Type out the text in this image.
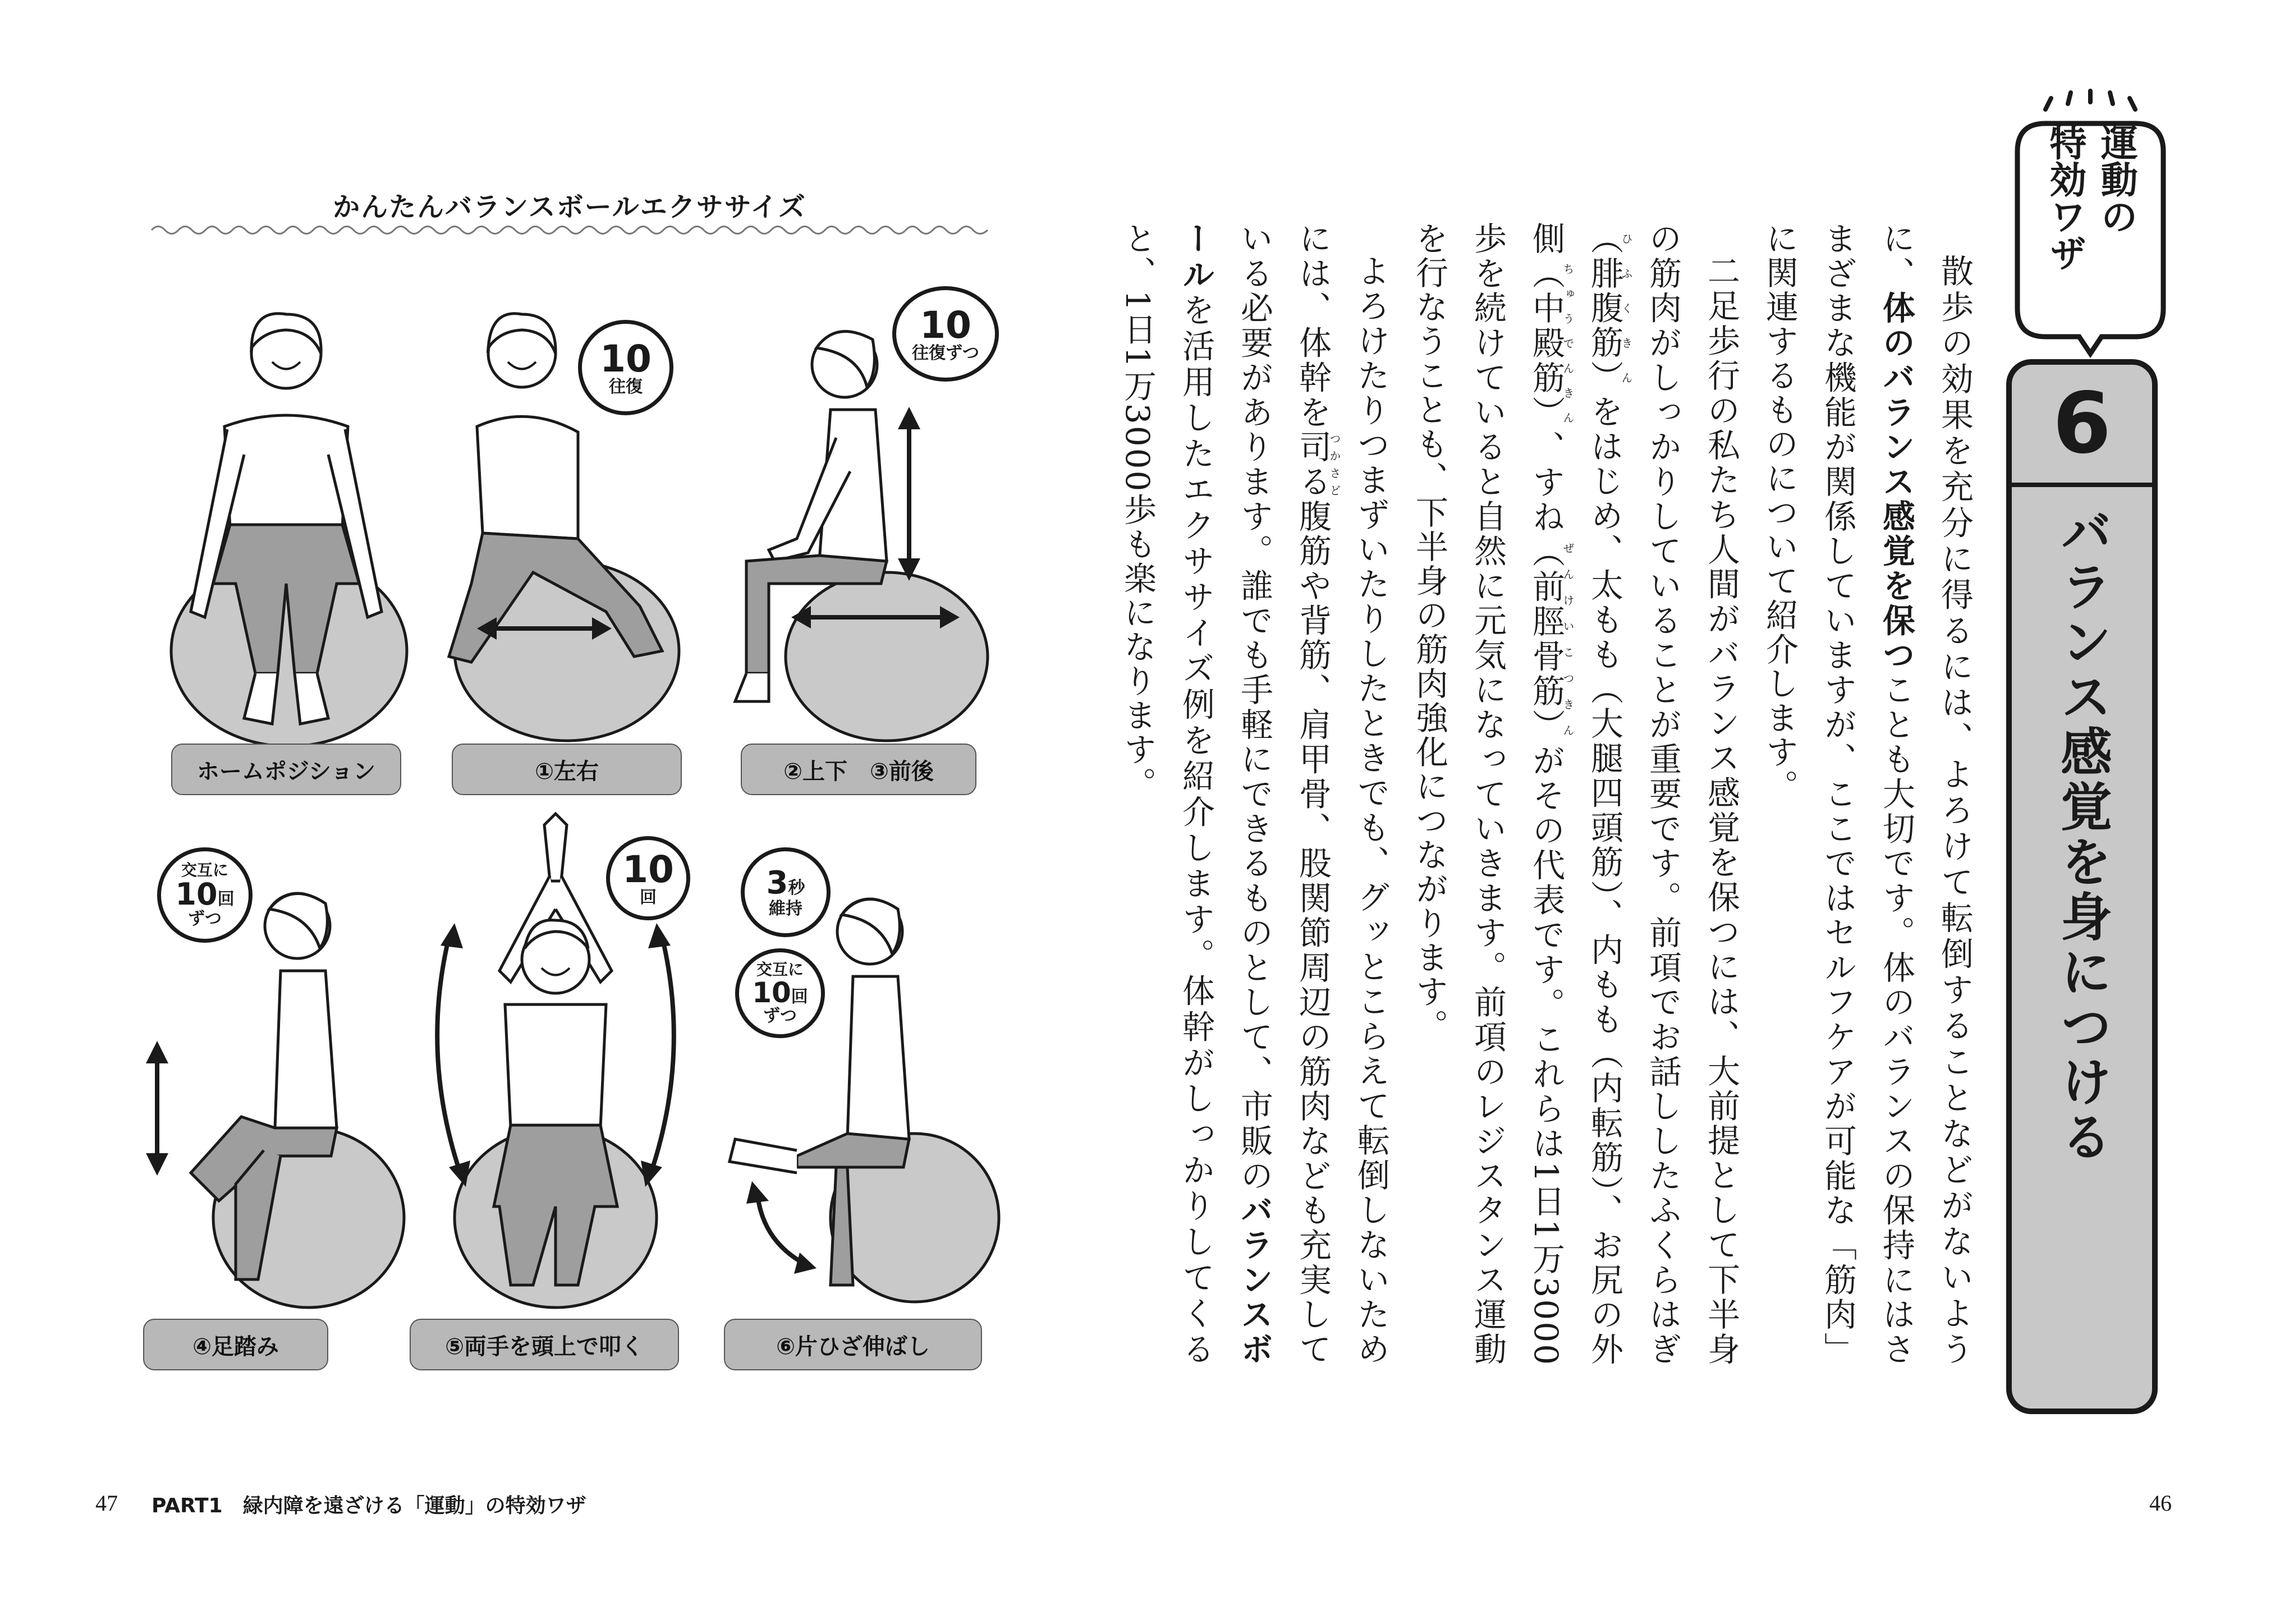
かんたんバランスボールエクササイズ
ホームポジション
10
往復
①左右
10
往復ずつ
②上下　③前後
交互に
10回
ずつ
④足踏み
10
回
⑤両手を頭上で叩く
3秒
維持
交互に
10回
ずつ
⑥片ひざ伸ばし
47 PART1　緑内障を遠ざける「運動」の特効ワザ
運動の
特効ワザ
6
バランス感覚を身につける

散歩の効果を充分に得るには、よろけて転倒することなどがないように、体のバランス感覚を保つことも大切です。体のバランスの保持にはさまざまな機能が関係していますが、ここではセルフケアが可能な「筋肉」に関連するものについて紹介します。

二足歩行の私たち人間がバランス感覚を保つには、大前提として下半身の筋肉がしっかりしていることが重要です。前項でお話ししたふくらはぎ（腓腹筋）ひふくきんをはじめ、太もも（大腿四頭筋）、内もも（内転筋）、お尻の外側（中殿筋）ちゅうでんきん、すね（前脛骨筋）ぜんけいこつきんがその代表です。これらは1日1万3000歩を続けていると自然に元気になっていきます。前項のレジスタンス運動を行なうことも、下半身の筋肉強化につながります。

よろけたりつまずいたりしたときでも、グッとこらえて転倒しないためには、体幹を司るつかさど腹筋や背筋、肩甲骨、股関節周辺の筋肉なども充実している必要があります。誰でも手軽にできるものとして、市販のバランスボールを活用したエクササイズ例を紹介します。体幹がしっかりしてくると、1日1万3000歩も楽になります。

46
